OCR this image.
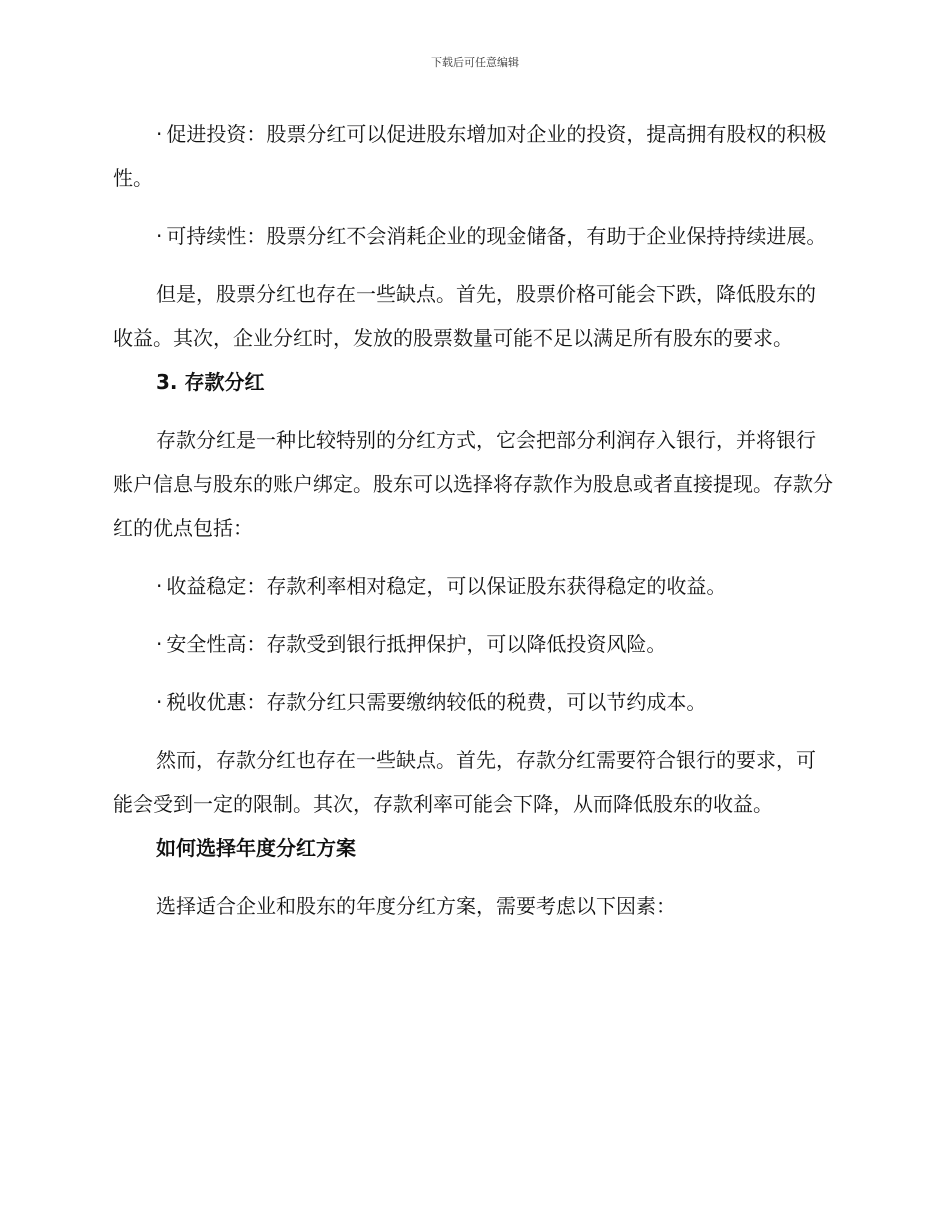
下载后可任意编辑

· 促进投资：股票分红可以促进股东增加对企业的投资，提高拥有股权的积极性。

· 可持续性：股票分红不会消耗企业的现金储备，有助于企业保持持续进展。

但是，股票分红也存在一些缺点。首先，股票价格可能会下跌，降低股东的收益。其次，企业分红时，发放的股票数量可能不足以满足所有股东的要求。

3. 存款分红

存款分红是一种比较特别的分红方式，它会把部分利润存入银行，并将银行账户信息与股东的账户绑定。股东可以选择将存款作为股息或者直接提现。存款分红的优点包括：

· 收益稳定：存款利率相对稳定，可以保证股东获得稳定的收益。

· 安全性高：存款受到银行抵押保护，可以降低投资风险。

· 税收优惠：存款分红只需要缴纳较低的税费，可以节约成本。

然而，存款分红也存在一些缺点。首先，存款分红需要符合银行的要求，可能会受到一定的限制。其次，存款利率可能会下降，从而降低股东的收益。

如何选择年度分红方案

选择适合企业和股东的年度分红方案，需要考虑以下因素：
